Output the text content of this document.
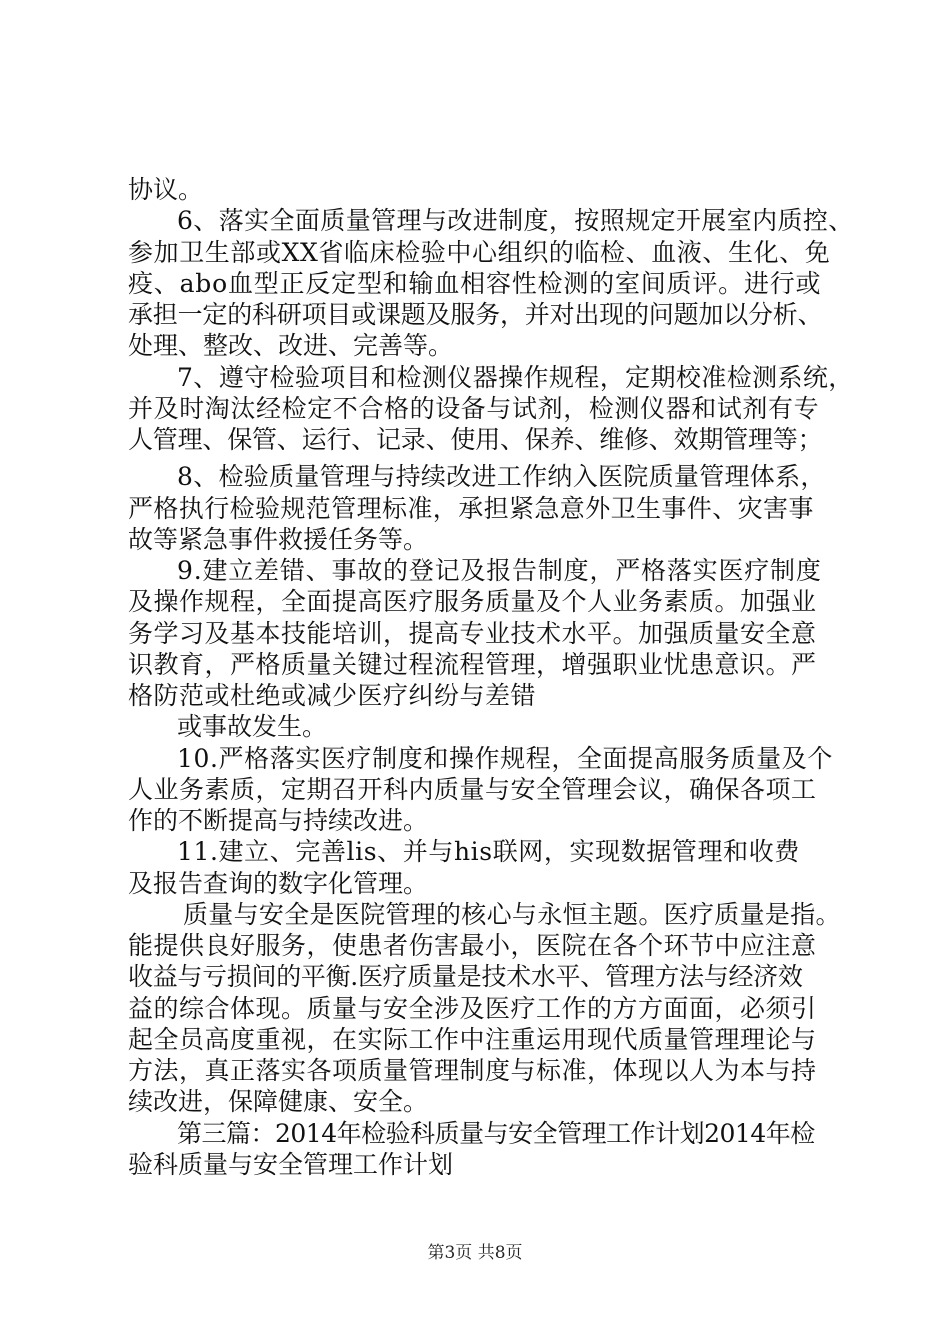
协议。
6、落实全面质量管理与改进制度，按照规定开展室内质控、
参加卫生部或XX省临床检验中心组织的临检、血液、生化、免
疫、abo血型正反定型和输血相容性检测的室间质评。进行或
承担一定的科研项目或课题及服务，并对出现的问题加以分析、
处理、整改、改进、完善等。
7、遵守检验项目和检测仪器操作规程，定期校准检测系统，
并及时淘汰经检定不合格的设备与试剂，检测仪器和试剂有专
人管理、保管、运行、记录、使用、保养、维修、效期管理等；
8、检验质量管理与持续改进工作纳入医院质量管理体系，
严格执行检验规范管理标准，承担紧急意外卫生事件、灾害事
故等紧急事件救援任务等。
9.建立差错、事故的登记及报告制度，严格落实医疗制度
及操作规程，全面提高医疗服务质量及个人业务素质。加强业
务学习及基本技能培训，提高专业技术水平。加强质量安全意
识教育，严格质量关键过程流程管理，增强职业忧患意识。严
格防范或杜绝或减少医疗纠纷与差错
或事故发生。
10.严格落实医疗制度和操作规程，全面提高服务质量及个
人业务素质，定期召开科内质量与安全管理会议，确保各项工
作的不断提高与持续改进。
11.建立、完善lis、并与his联网，实现数据管理和收费
及报告查询的数字化管理。
质量与安全是医院管理的核心与永恒主题。医疗质量是指。
能提供良好服务，使患者伤害最小，医院在各个环节中应注意
收益与亏损间的平衡.医疗质量是技术水平、管理方法与经济效
益的综合体现。质量与安全涉及医疗工作的方方面面，必须引
起全员高度重视，在实际工作中注重运用现代质量管理理论与
方法，真正落实各项质量管理制度与标准，体现以人为本与持
续改进，保障健康、安全。
第三篇：2014年检验科质量与安全管理工作计划2014年检
验科质量与安全管理工作计划
第3页 共8页
